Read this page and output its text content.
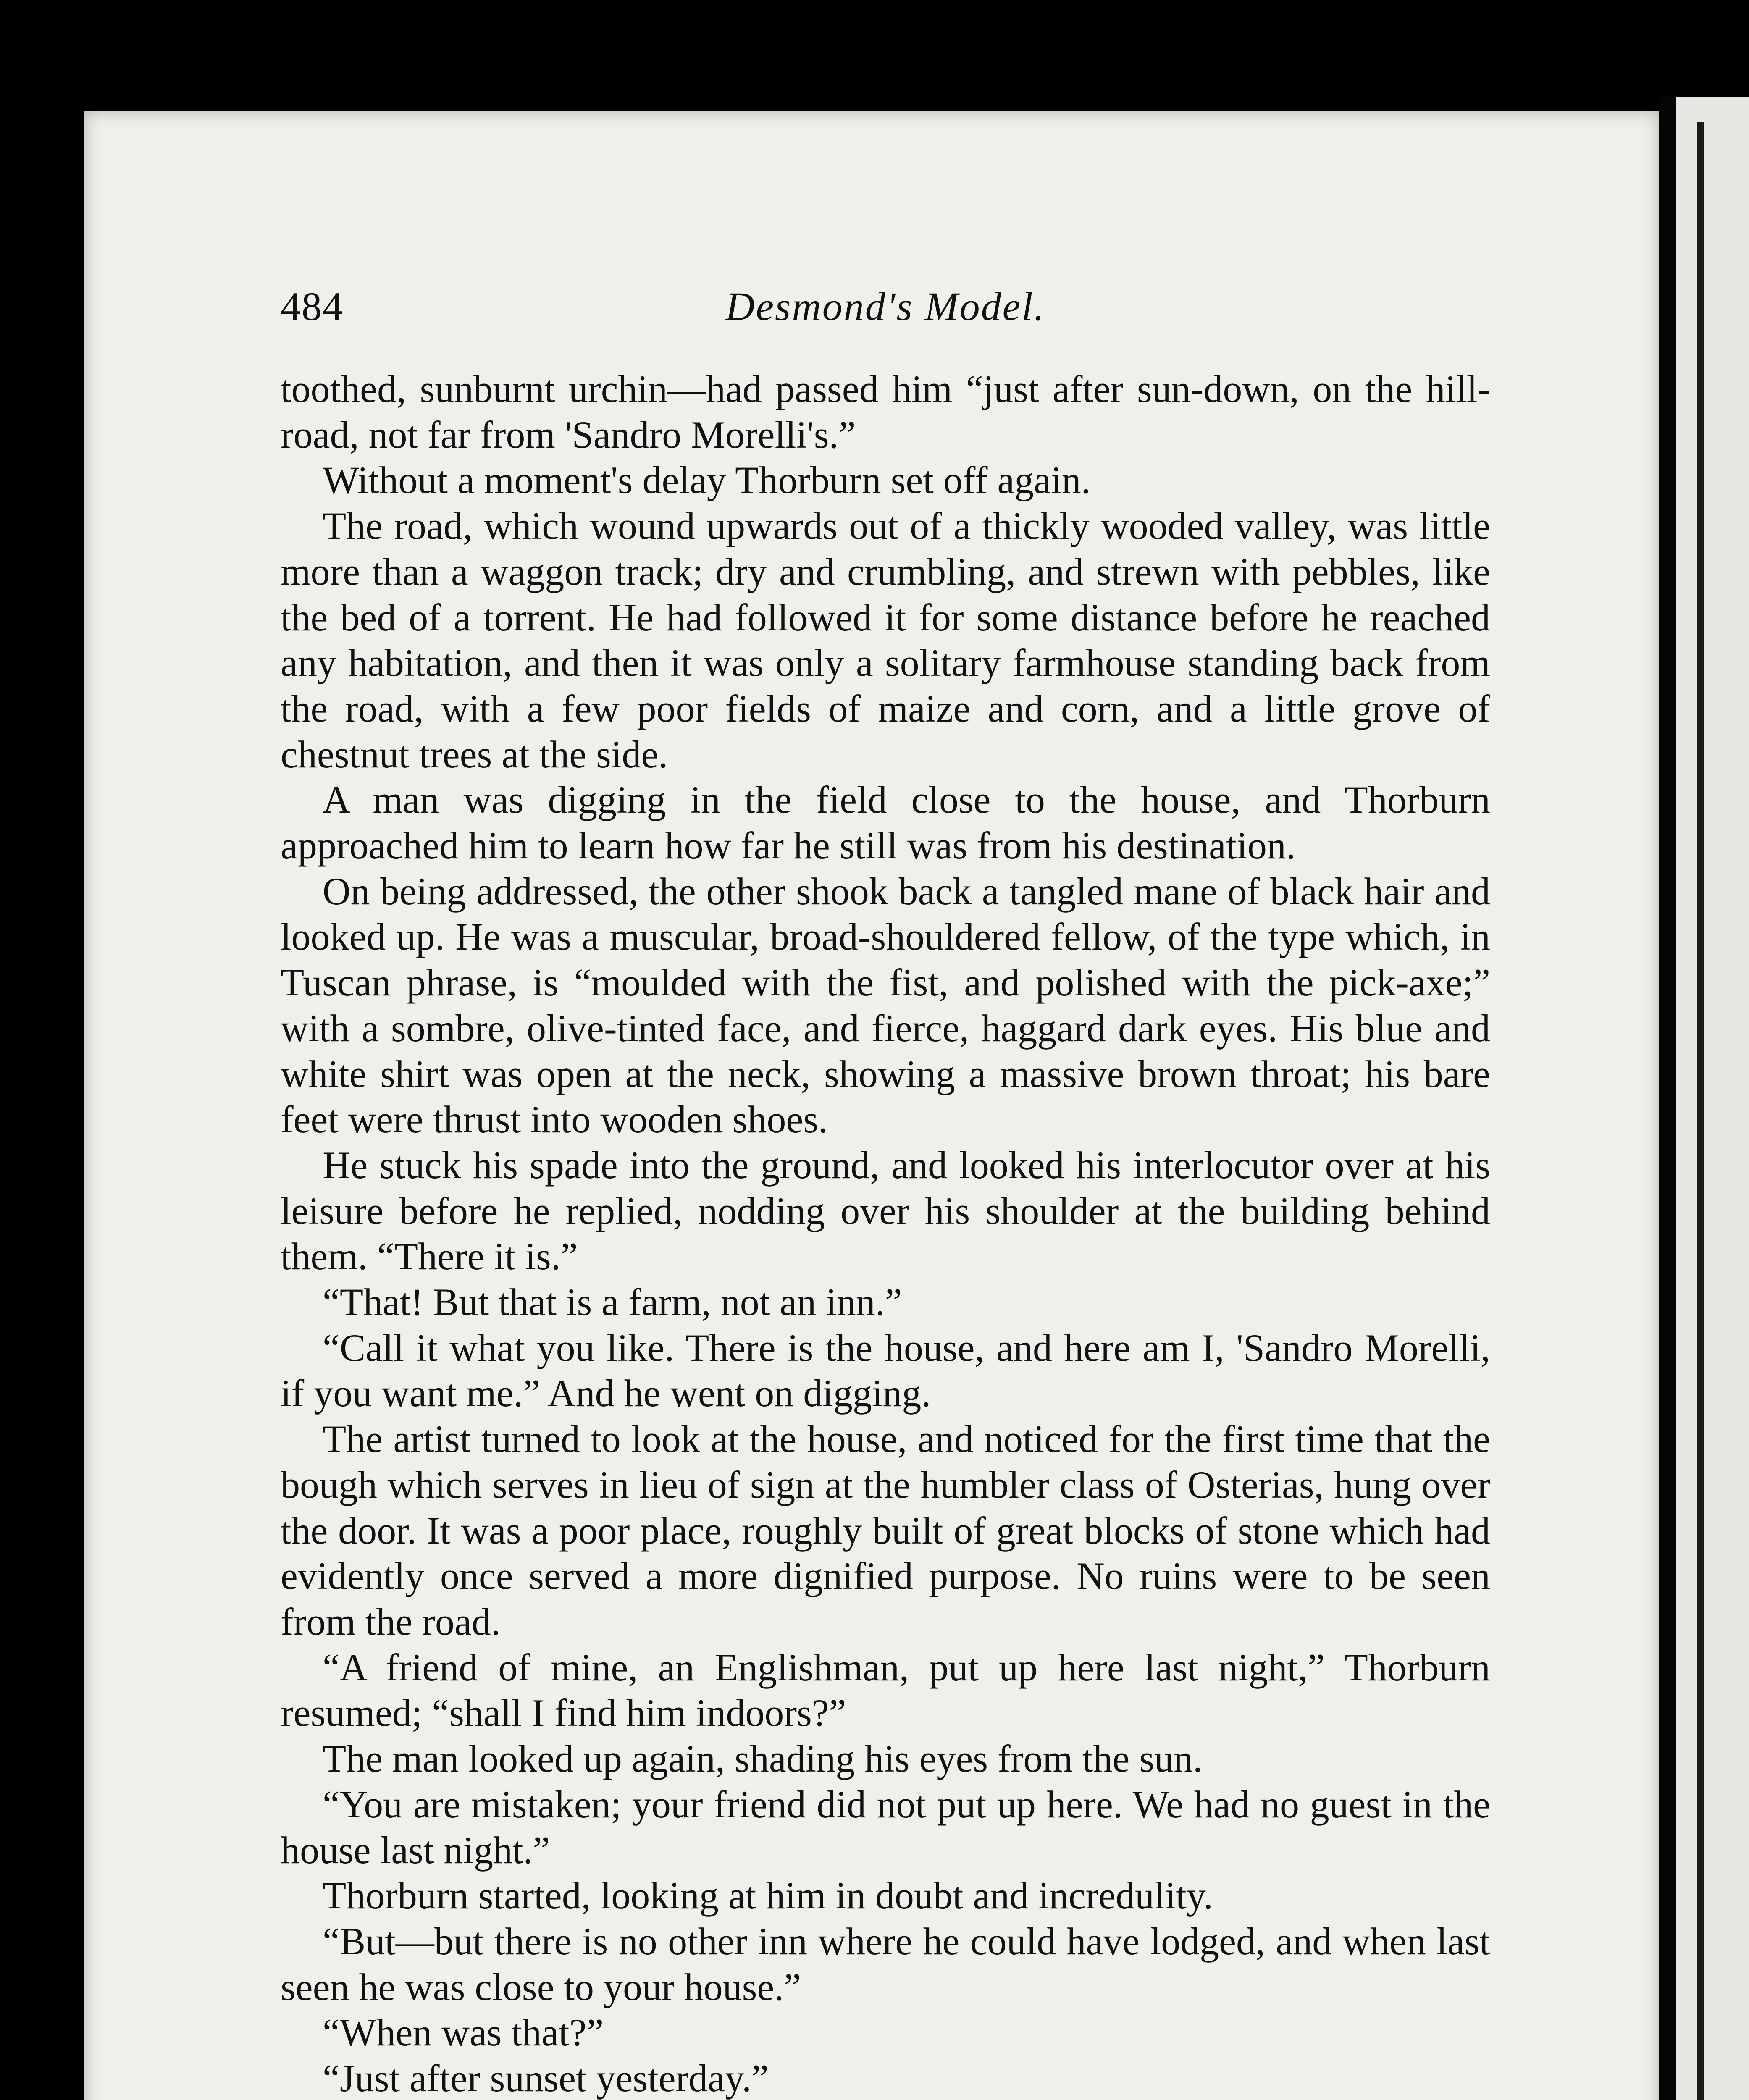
484	Desmond's Model.

toothed, sunburnt urchin—had passed him “just after sun-down, on the hill-road, not far from 'Sandro Morelli's.”

Without a moment's delay Thorburn set off again.

The road, which wound upwards out of a thickly wooded valley, was little more than a waggon track; dry and crumbling, and strewn with pebbles, like the bed of a torrent. He had followed it for some distance before he reached any habitation, and then it was only a solitary farmhouse standing back from the road, with a few poor fields of maize and corn, and a little grove of chestnut trees at the side.

A man was digging in the field close to the house, and Thorburn approached him to learn how far he still was from his destination.

On being addressed, the other shook back a tangled mane of black hair and looked up. He was a muscular, broad-shouldered fellow, of the type which, in Tuscan phrase, is “moulded with the fist, and polished with the pick-axe;” with a sombre, olive-tinted face, and fierce, haggard dark eyes. His blue and white shirt was open at the neck, showing a massive brown throat; his bare feet were thrust into wooden shoes.

He stuck his spade into the ground, and looked his interlocutor over at his leisure before he replied, nodding over his shoulder at the building behind them. “There it is.”

“That! But that is a farm, not an inn.”

“Call it what you like. There is the house, and here am I, 'Sandro Morelli, if you want me.” And he went on digging.

The artist turned to look at the house, and noticed for the first time that the bough which serves in lieu of sign at the humbler class of Osterias, hung over the door. It was a poor place, roughly built of great blocks of stone which had evidently once served a more dignified purpose. No ruins were to be seen from the road.

“A friend of mine, an Englishman, put up here last night,” Thorburn resumed; “shall I find him indoors?”

The man looked up again, shading his eyes from the sun.

“You are mistaken; your friend did not put up here. We had no guest in the house last night.”

Thorburn started, looking at him in doubt and incredulity.

“But—but there is no other inn where he could have lodged, and when last seen he was close to your house.”

“When was that?”

“Just after sunset yesterday.”
